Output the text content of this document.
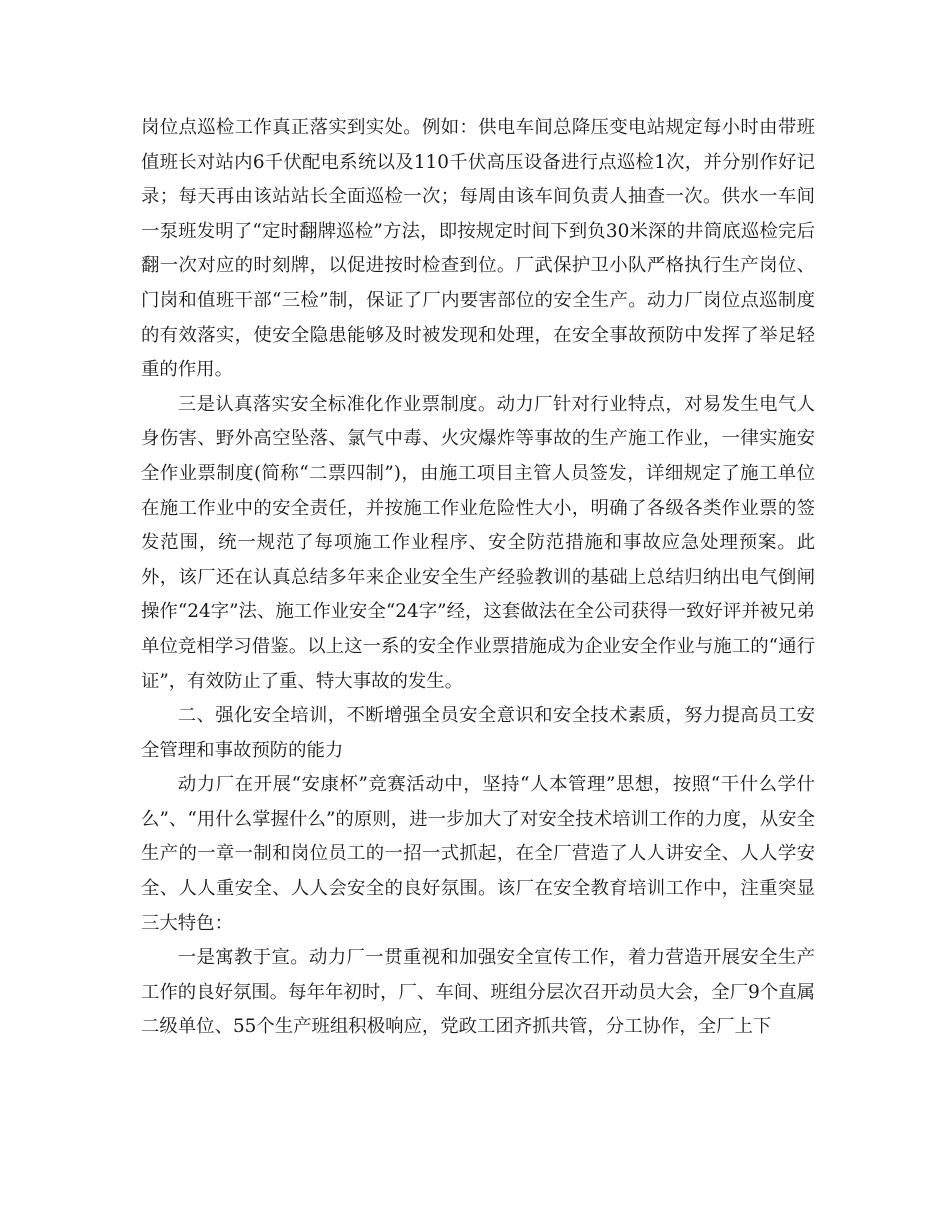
岗位点巡检工作真正落实到实处。例如：供电车间总降压变电站规定每小时由带班值班长对站内6千伏配电系统以及110千伏高压设备进行点巡检1次，并分别作好记录；每天再由该站站长全面巡检一次；每周由该车间负责人抽查一次。供水一车间一泵班发明了“定时翻牌巡检”方法，即按规定时间下到负30米深的井筒底巡检完后翻一次对应的时刻牌，以促进按时检查到位。厂武保护卫小队严格执行生产岗位、门岗和值班干部“三检”制，保证了厂内要害部位的安全生产。动力厂岗位点巡制度的有效落实，使安全隐患能够及时被发现和处理，在安全事故预防中发挥了举足轻重的作用。

三是认真落实安全标准化作业票制度。动力厂针对行业特点，对易发生电气人身伤害、野外高空坠落、氯气中毒、火灾爆炸等事故的生产施工作业，一律实施安全作业票制度(简称“二票四制”)，由施工项目主管人员签发，详细规定了施工单位在施工作业中的安全责任，并按施工作业危险性大小，明确了各级各类作业票的签发范围，统一规范了每项施工作业程序、安全防范措施和事故应急处理预案。此外，该厂还在认真总结多年来企业安全生产经验教训的基础上总结归纳出电气倒闸操作“24字”法、施工作业安全“24字”经，这套做法在全公司获得一致好评并被兄弟单位竞相学习借鉴。以上这一系的安全作业票措施成为企业安全作业与施工的“通行证”，有效防止了重、特大事故的发生。

二、强化安全培训，不断增强全员安全意识和安全技术素质，努力提高员工安全管理和事故预防的能力

动力厂在开展“安康杯”竞赛活动中，坚持“人本管理”思想，按照“干什么学什么”、“用什么掌握什么”的原则，进一步加大了对安全技术培训工作的力度，从安全生产的一章一制和岗位员工的一招一式抓起，在全厂营造了人人讲安全、人人学安全、人人重安全、人人会安全的良好氛围。该厂在安全教育培训工作中，注重突显三大特色：

一是寓教于宣。动力厂一贯重视和加强安全宣传工作，着力营造开展安全生产工作的良好氛围。每年年初时，厂、车间、班组分层次召开动员大会，全厂9个直属二级单位、55个生产班组积极响应，党政工团齐抓共管，分工协作，全厂上下
